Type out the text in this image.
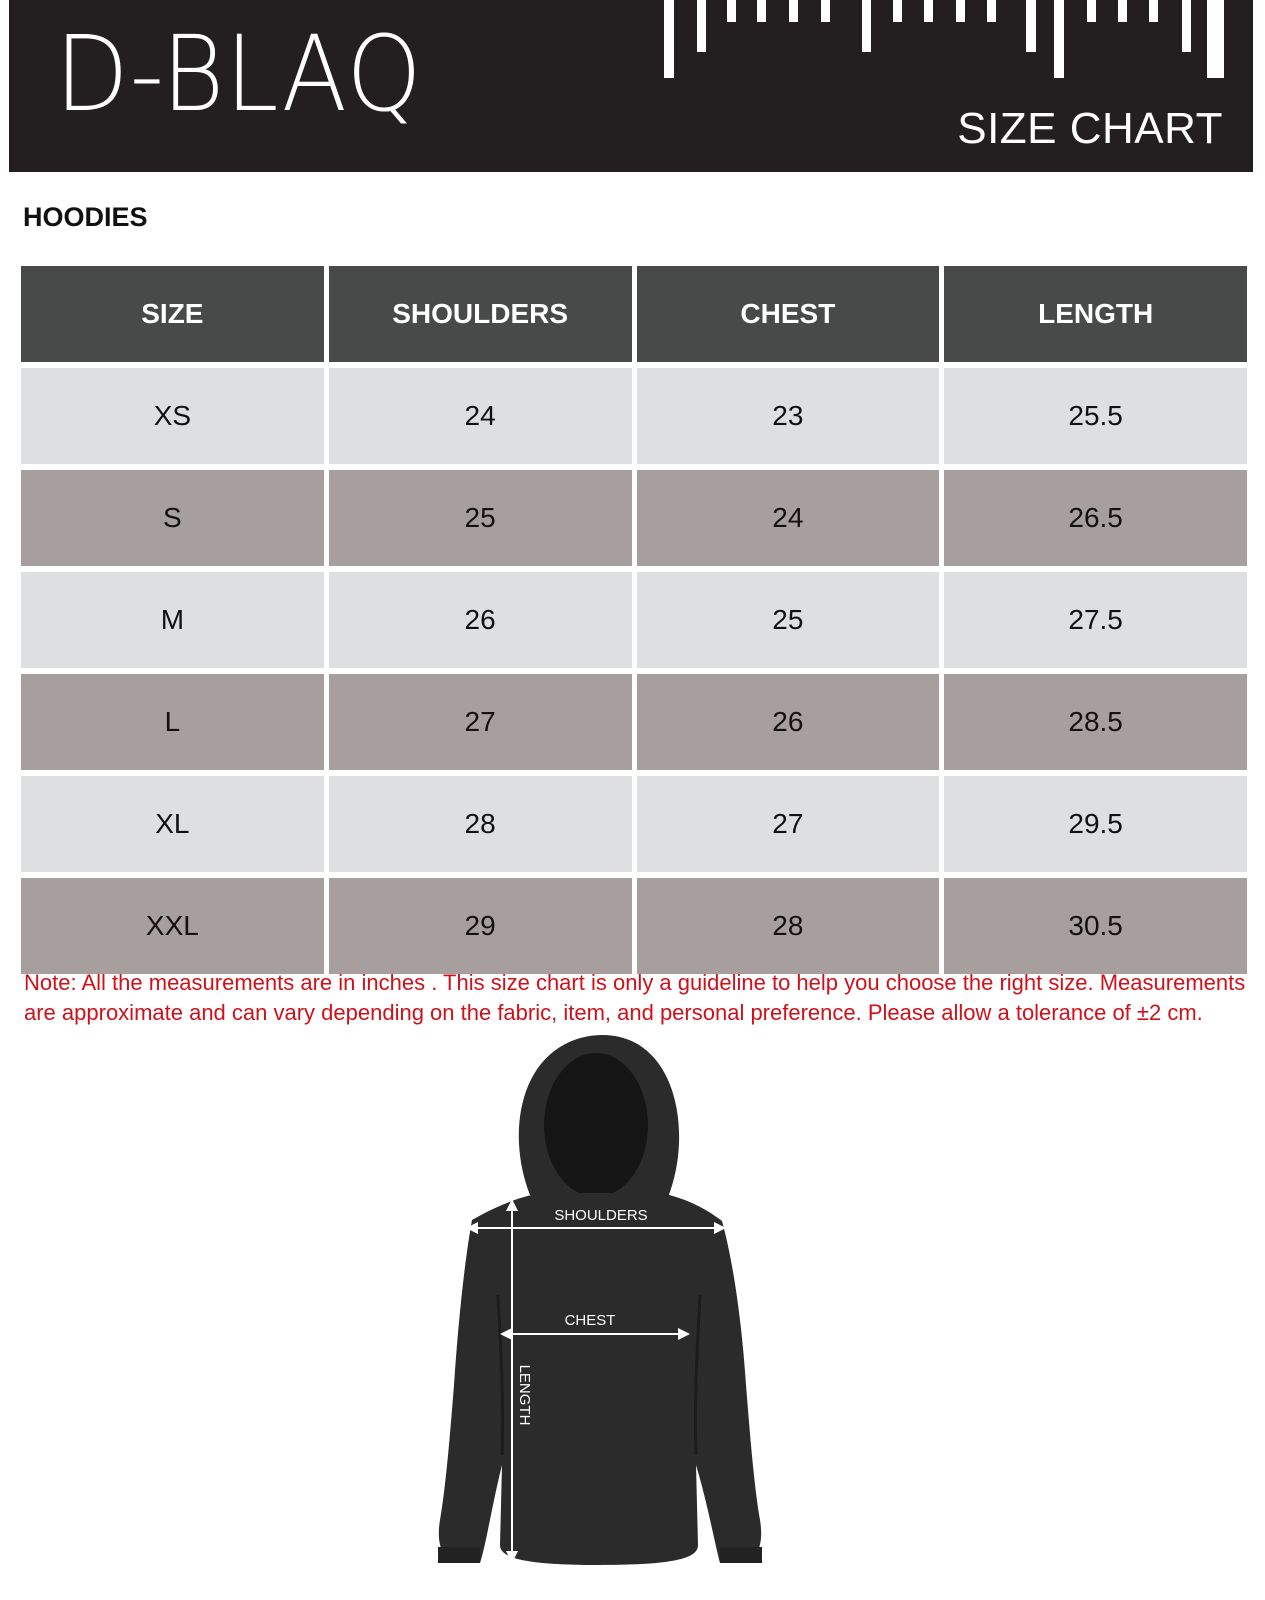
D-BLAQ	SIZE CHART
HOODIES
SIZE	SHOULDERS	CHEST	LENGTH
XS	24	23	25.5
S	25	24	26.5
M	26	25	27.5
L	27	26	28.5
XL	28	27	29.5
XXL	29	28	30.5
Note: All the measurements are in inches . This size chart is only a guideline to help you choose the right size. Measurements are approximate and can vary depending on the fabric, item, and personal preference. Please allow a tolerance of ±2 cm.
SHOULDERS
CHEST
LENGTH
